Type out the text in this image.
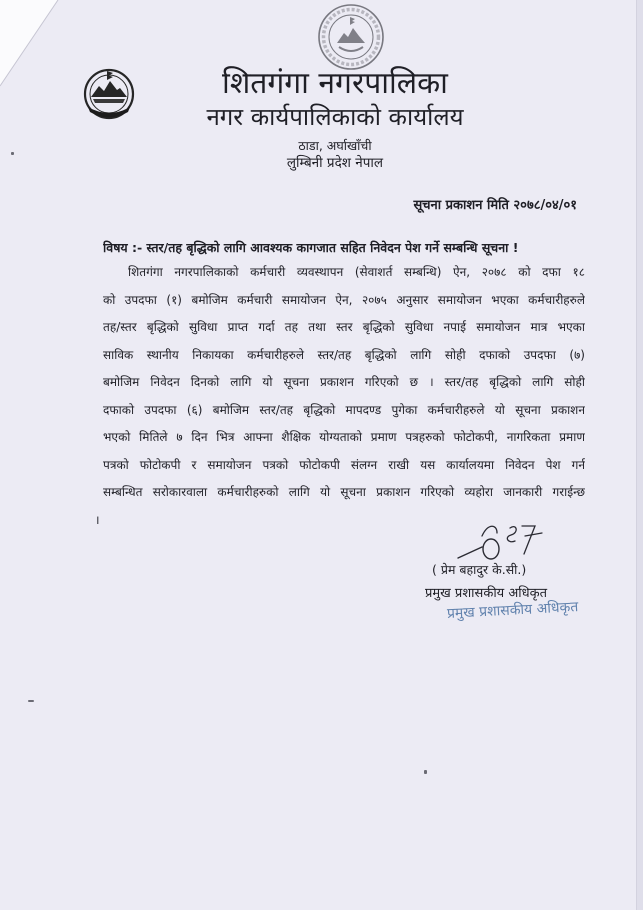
शितगंगा नगरपालिका
नगर कार्यपालिकाको कार्यालय
ठाडा, अर्घाखाँची
लुम्बिनी प्रदेश नेपाल
सूचना प्रकाशन मिति २०७८/०४/०१
विषय :- स्तर/तह बृद्धिको लागि आवश्यक कागजात सहित निवेदन पेश गर्ने सम्बन्धि सूचना !
शितगंगा नगरपालिकाको कर्मचारी व्यवस्थापन (सेवाशर्त सम्बन्धि) ऐन, २०७८ को दफा १८
को उपदफा (१) बमोजिम कर्मचारी समायोजन ऐन, २०७५ अनुसार समायोजन भएका कर्मचारीहरुले
तह/स्तर बृद्धिको सुविधा प्राप्त गर्दा तह तथा स्तर बृद्धिको सुविधा नपाई समायोजन मात्र भएका
साविक स्थानीय निकायका कर्मचारीहरुले स्तर/तह बृद्धिको लागि सोही दफाको उपदफा (७)
बमोजिम निवेदन दिनको लागि यो सूचना प्रकाशन गरिएको छ । स्तर/तह बृद्धिको लागि सोही
दफाको उपदफा (६) बमोजिम स्तर/तह बृद्धिको मापदण्ड पुगेका कर्मचारीहरुले यो सूचना प्रकाशन
भएको मितिले ७ दिन भित्र आफ्ना शैक्षिक योग्यताको प्रमाण पत्रहरुको फोटोकपी, नागरिकता प्रमाण
पत्रको फोटोकपी र समायोजन पत्रको फोटोकपी संलग्न राखी यस कार्यालयमा निवेदन पेश गर्न
सम्बन्धित सरोकारवाला कर्मचारीहरुको लागि यो सूचना प्रकाशन गरिएको व्यहोरा जानकारी गराईन्छ
।
( प्रेम बहादुर के.सी.)
प्रमुख प्रशासकीय अधिकृत
प्रमुख प्रशासकीय अधिकृत
